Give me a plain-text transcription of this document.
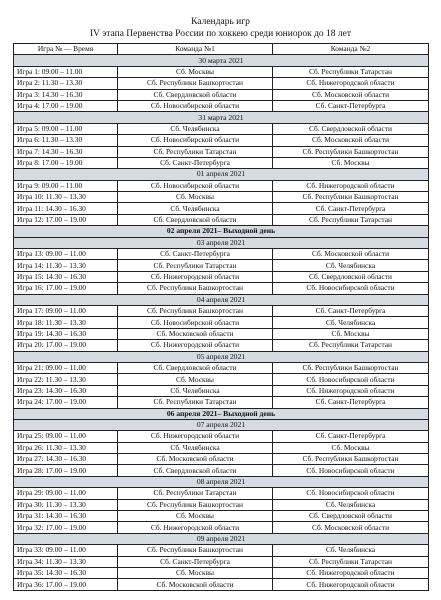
Календарь игр
IV этапа Первенства России по хоккею среди юниорок до 18 лет
Игра № — Время	Команда №1	Команда №2
30 марта 2021		
Игра 1: 09.00 – 11.00	Сб. Москвы	Сб. Республики Татарстан
Игра 2: 11.30 – 13.30	Сб. Республики Башкортостан	Сб. Нижегородской области
Игра 3: 14.30 – 16.30	Сб. Свердловской области	Сб. Московской области
Игра 4: 17.00 – 19.00	Сб. Новосибирской области	Сб. Санкт-Петербурга
31 марта 2021		
Игра 5: 09.00 – 11.00	Сб. Челябинска	Сб. Свердловской области
Игра 6: 11.30 – 13.30	Сб. Новосибирской области	Сб. Московской области
Игра 7: 14.30 – 16.30	Сб. Республики Татарстан	Сб. Республики Башкортостан
Игра 8: 17.00 – 19.00	Сб. Санкт-Петербурга	Сб. Москвы
01 апреля 2021		
Игра 9: 09.00 – 11.00	Сб. Новосибирской области	Сб. Нижегородской области
Игра 10: 11.30 – 13.30	Сб. Москвы	Сб. Республики Башкортостан
Игра 11: 14.30 – 16.30	Сб. Челябинска	Сб. Санкт-Петербурга
Игра 12: 17.00 – 19.00	Сб. Свердловской области	Сб. Республики Татарстан
02 апреля 2021– Выходной день		
03 апреля 2021		
Игра 13: 09.00 – 11.00	Сб. Санкт-Петербурга	Сб. Московской области
Игра 14: 11.30 – 13.30	Сб. Республики Татарстан	Сб. Челябинска
Игра 15: 14.30 – 16.30	Сб. Нижегородской области	Сб. Свердловской области
Игра 16: 17.00 – 19.00	Сб. Республики Башкортостан	Сб. Новосибирской области
04 апреля 2021		
Игра 17: 09.00 – 11.00	Сб. Республики Башкортостан	Сб. Санкт-Петербурга
Игра 18: 11.30 – 13.30	Сб. Новосибирской области	Сб. Челябинска
Игра 19: 14.30 – 16.30	Сб. Московской области	Сб. Москвы
Игра 20: 17.00 – 19.00	Сб. Нижегородской области	Сб. Республики Татарстан
05 апреля 2021		
Игра 21: 09.00 – 11.00	Сб. Свердловской области	Сб. Республики Башкортостан
Игра 22: 11.30 – 13.30	Сб. Москвы	Сб. Новосибирской области
Игра 23: 14.30 – 16.30	Сб. Челябинска	Сб. Нижегородской области
Игра 24: 17.00 – 19.00	Сб. Республики Татарстан	Сб. Санкт-Петербурга
06 апреля 2021– Выходной день		
07 апреля 2021		
Игра 25: 09.00 – 11.00	Сб. Нижегородской области	Сб. Санкт-Петербурга
Игра 26: 11.30 – 13.30	Сб. Челябинска	Сб. Москвы
Игра 27: 14.30 – 16.30	Сб. Московской области	Сб. Республики Башкортостан
Игра 28: 17.00 – 19.00	Сб. Свердловской области	Сб. Новосибирской области
08 апреля 2021		
Игра 29: 09.00 – 11.00	Сб. Республики Татарстан	Сб. Новосибирской области
Игра 30: 11.30 – 13.30	Сб. Республики Башкортостан	Сб. Челябинска
Игра 31: 14.30 – 16.30	Сб. Москвы	Сб. Свердловской области
Игра 32: 17.00 – 19.00	Сб. Нижегородской области	Сб. Московской области
09 апреля 2021		
Игра 33: 09.00 – 11.00	Сб. Республики Башкортостан	Сб. Челябинска
Игра 34: 11.30 – 13.30	Сб. Санкт-Петербурга	Сб. Республики Татарстан
Игра 35: 14.30 – 16.30	Сб. Москвы	Сб. Нижегородской области
Игра 36: 17.00 – 19.00	Сб. Московской области	Сб. Нижегородской области
